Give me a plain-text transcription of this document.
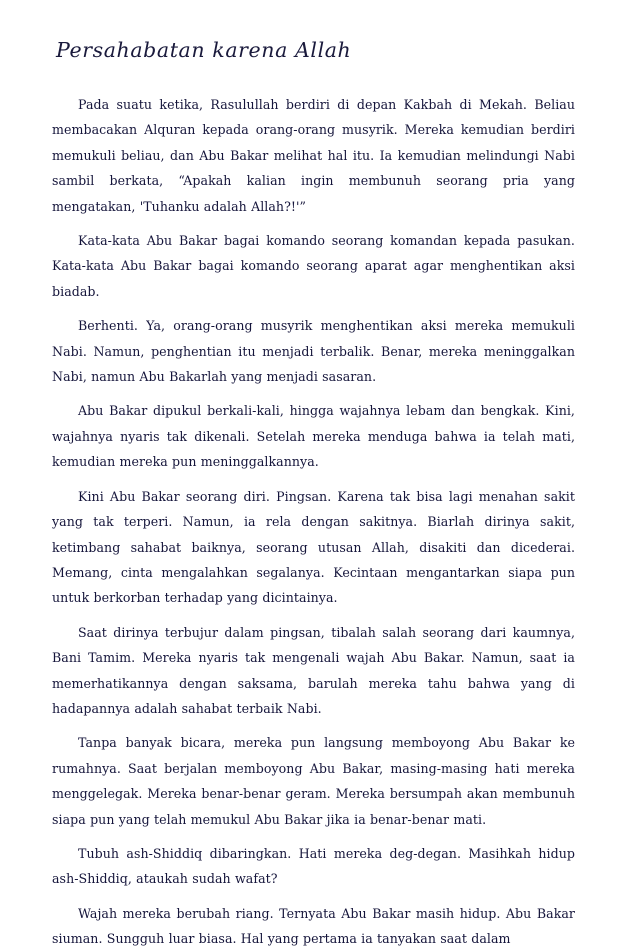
Persahabatan karena Allah

Pada suatu ketika, Rasulullah berdiri di depan Kakbah di Mekah. Beliau membacakan Alquran kepada orang-orang musyrik. Mereka kemudian berdiri memukuli beliau, dan Abu Bakar melihat hal itu. Ia kemudian melindungi Nabi sambil berkata, “Apakah kalian ingin membunuh seorang pria yang mengatakan, 'Tuhanku adalah Allah?!'”

Kata-kata Abu Bakar bagai komando seorang komandan kepada pasukan. Kata-kata Abu Bakar bagai komando seorang aparat agar menghentikan aksi biadab.

Berhenti. Ya, orang-orang musyrik menghentikan aksi mereka memukuli Nabi. Namun, penghentian itu menjadi terbalik. Benar, mereka meninggalkan Nabi, namun Abu Bakarlah yang menjadi sasaran.

Abu Bakar dipukul berkali-kali, hingga wajahnya lebam dan bengkak. Kini, wajahnya nyaris tak dikenali. Setelah mereka menduga bahwa ia telah mati, kemudian mereka pun meninggalkannya.

Kini Abu Bakar seorang diri. Pingsan. Karena tak bisa lagi menahan sakit yang tak terperi. Namun, ia rela dengan sakitnya. Biarlah dirinya sakit, ketimbang sahabat baiknya, seorang utusan Allah, disakiti dan dicederai. Memang, cinta mengalahkan segalanya. Kecintaan mengantarkan siapa pun untuk berkorban terhadap yang dicintainya.

Saat dirinya terbujur dalam pingsan, tibalah salah seorang dari kaumnya, Bani Tamim. Mereka nyaris tak mengenali wajah Abu Bakar. Namun, saat ia memerhatikannya dengan saksama, barulah mereka tahu bahwa yang di hadapannya adalah sahabat terbaik Nabi.

Tanpa banyak bicara, mereka pun langsung memboyong Abu Bakar ke rumahnya. Saat berjalan memboyong Abu Bakar, masing-masing hati mereka menggelegak. Mereka benar-benar geram. Mereka bersumpah akan membunuh siapa pun yang telah memukul Abu Bakar jika ia benar-benar mati.

Tubuh ash-Shiddiq dibaringkan. Hati mereka deg-degan. Masihkah hidup ash-Shiddiq, ataukah sudah wafat?

Wajah mereka berubah riang. Ternyata Abu Bakar masih hidup. Abu Bakar siuman. Sungguh luar biasa. Hal yang pertama ia tanyakan saat dalam
